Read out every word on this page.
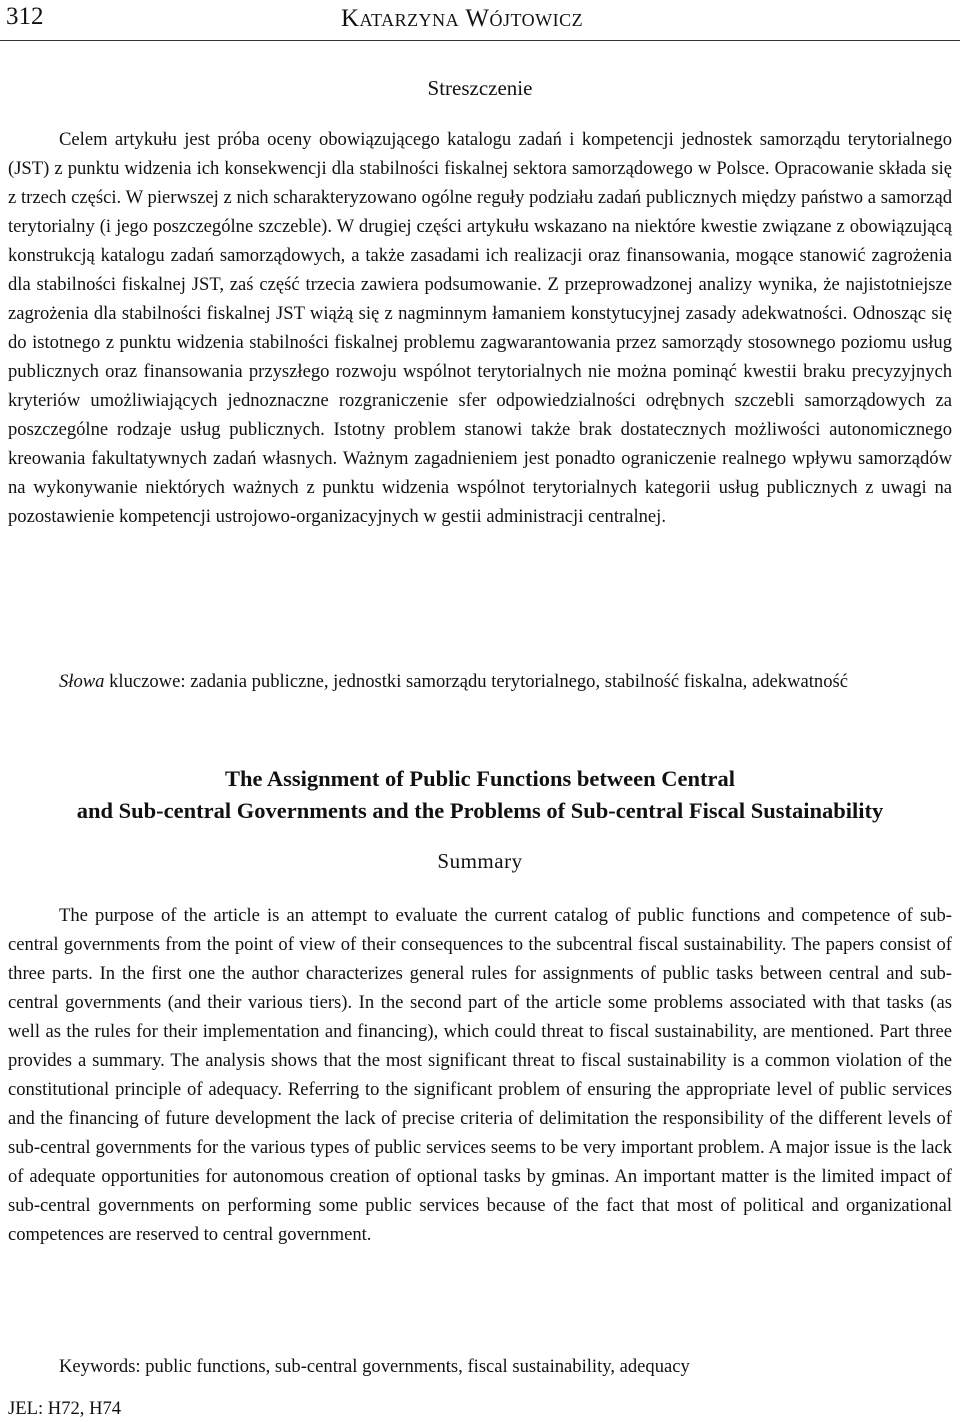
312	Katarzyna Wójtowicz
Streszczenie

Celem artykułu jest próba oceny obowiązującego katalogu zadań i kompetencji jednostek samorządu terytorialnego (JST) z punktu widzenia ich konsekwencji dla stabilności fiskalnej sektora samorządowego w Polsce. Opracowanie składa się z trzech części. W pierwszej z nich scharakteryzowano ogólne reguły podziału zadań publicznych między państwo a samorząd terytorialny (i jego poszczególne szczeble). W drugiej części artykułu wskazano na niektóre kwestie związane z obowiązującą konstrukcją katalogu zadań samorządowych, a także zasadami ich realizacji oraz finansowania, mogące stanowić zagrożenia dla stabilności fiskalnej JST, zaś część trzecia zawiera podsumowanie. Z przeprowadzonej analizy wynika, że najistotniejsze zagrożenia dla stabilności fiskalnej JST wiążą się z nagminnym łamaniem konstytucyjnej zasady adekwatności. Odnosząc się do istotnego z punktu widzenia stabilności fiskalnej problemu zagwarantowania przez samorządy stosownego poziomu usług publicznych oraz finansowania przyszłego rozwoju wspólnot terytorialnych nie można pominąć kwestii braku precyzyjnych kryteriów umożliwiających jednoznaczne rozgraniczenie sfer odpowiedzialności odrębnych szczebli samorządowych za poszczególne rodzaje usług publicznych. Istotny problem stanowi także brak dostatecznych możliwości autonomicznego kreowania fakultatywnych zadań własnych. Ważnym zagadnieniem jest ponadto ograniczenie realnego wpływu samorządów na wykonywanie niektórych ważnych z punktu widzenia wspólnot terytorialnych kategorii usług publicznych z uwagi na pozostawienie kompetencji ustrojowo-organizacyjnych w gestii administracji centralnej.

Słowa kluczowe: zadania publiczne, jednostki samorządu terytorialnego, stabilność fiskalna, adekwatność

The Assignment of Public Functions between Central
and Sub-central Governments and the Problems of Sub-central Fiscal Sustainability
Summary

The purpose of the article is an attempt to evaluate the current catalog of public functions and competence of sub-central governments from the point of view of their consequences to the subcentral fiscal sustainability. The papers consist of three parts. In the first one the author characterizes general rules for assignments of public tasks between central and sub-central governments (and their various tiers). In the second part of the article some problems associated with that tasks (as well as the rules for their implementation and financing), which could threat to fiscal sustainability, are mentioned. Part three provides a summary. The analysis shows that the most significant threat to fiscal sustainability is a common violation of the constitutional principle of adequacy. Referring to the significant problem of ensuring the appropriate level of public services and the financing of future development the lack of precise criteria of delimitation the responsibility of the different levels of sub-central governments for the various types of public services seems to be very important problem. A major issue is the lack of adequate opportunities for autonomous creation of optional tasks by gminas. An important matter is the limited impact of sub-central governments on performing some public services because of the fact that most of political and organizational competences are reserved to central government.

Keywords: public functions, sub-central governments, fiscal sustainability, adequacy

JEL: H72, H74
